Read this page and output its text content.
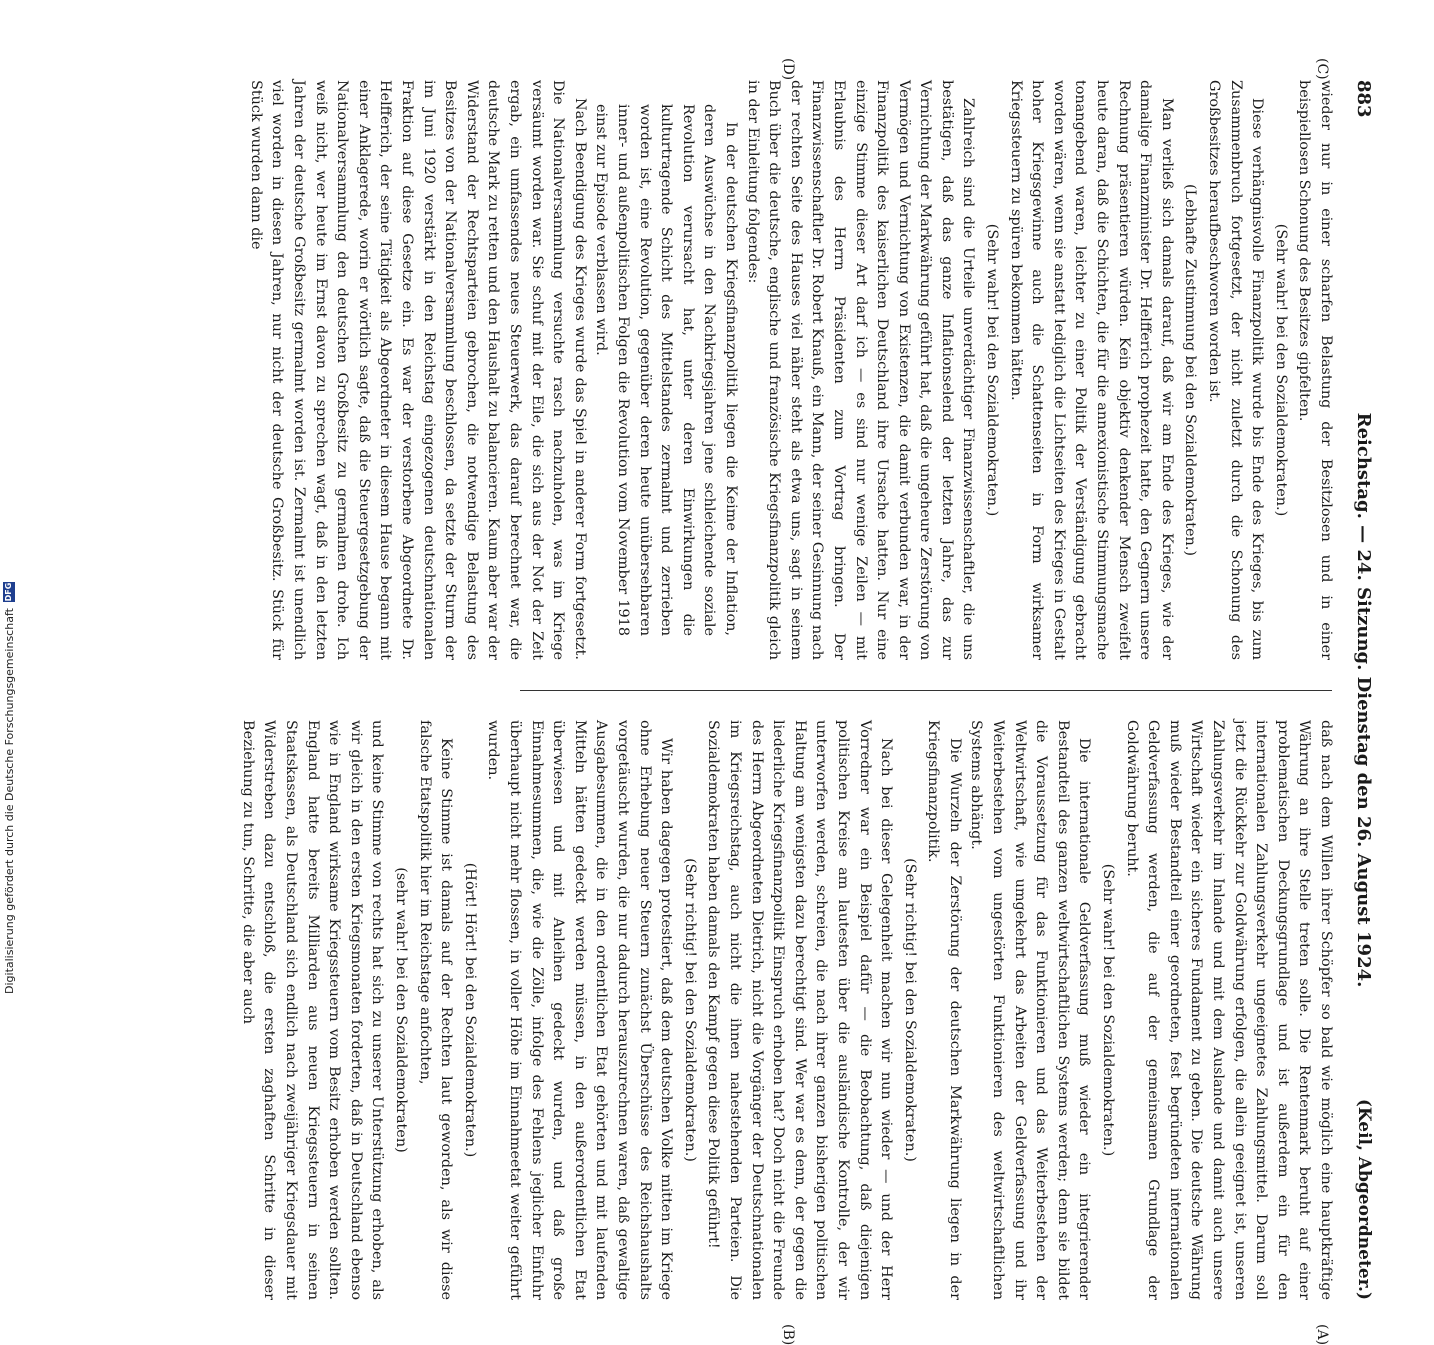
883
Reichstag. — 24. Sitzung. Dienstag den 26. August 1924.
(Keil, Abgeordneter.)

wieder nur in einer scharfen Belastung der Besitzlosen und in einer beispiellosen Schonung des Besitzes gipfelten.

(Sehr wahr! bei den Sozialdemokraten.)

Diese verhängnisvolle Finanzpolitik wurde bis Ende des Krieges, bis zum Zusammenbruch fortgesetzt, der nicht zuletzt durch die Schonung des Großbesitzes heraufbeschworen worden ist.

(Lebhafte Zustimmung bei den Sozialdemokraten.)

Man verließ sich damals darauf, daß wir am Ende des Krieges, wie der damalige Finanzminister Dr. Helfferich prophezeit hatte, den Gegnern unsere Rechnung präsentieren würden. Kein objektiv denkender Mensch zweifelt heute daran, daß die Schichten, die für die annexionistische Stimmungsmache tonangebend waren, leichter zu einer Politik der Verständigung gebracht worden wären, wenn sie anstatt lediglich die Lichtseiten des Krieges in Gestalt hoher Kriegsgewinne auch die Schattenseiten in Form wirksamer Kriegssteuern zu spüren bekommen hätten.

(Sehr wahr! bei den Sozialdemokraten.)

Zahlreich sind die Urteile unverdächtiger Finanzwissenschaftler, die uns bestätigen, daß das ganze Inflationselend der letzten Jahre, das zur Vernichtung der Markwährung geführt hat, daß die ungeheure Zerstörung von Vermögen und Vernichtung von Existenzen, die damit verbunden war, in der Finanzpolitik des kaiserlichen Deutschland ihre Ursache hatten. Nur eine einzige Stimme dieser Art darf ich — es sind nur wenige Zeilen — mit Erlaubnis des Herrn Präsidenten zum Vortrag bringen. Der Finanzwissenschaftler Dr. Robert Knauß, ein Mann, der seiner Gesinnung nach der rechten Seite des Hauses viel näher steht als etwa uns, sagt in seinem Buch über die deutsche, englische und französische Kriegsfinanzpolitik gleich in der Einleitung folgendes:

In der deutschen Kriegsfinanzpolitik liegen die Keime der Inflation, deren Auswüchse in den Nachkriegsjahren jene schleichende soziale Revolution verursacht hat, unter deren Einwirkungen die kulturtragende Schicht des Mittelstandes zermalmt und zerrieben worden ist, eine Revolution, gegenüber deren heute unübersehbaren inner- und außenpolitischen Folgen die Revolution vom November 1918 einst zur Episode verblassen wird.

Nach Beendigung des Krieges wurde das Spiel in anderer Form fortgesetzt. Die Nationalversammlung versuchte rasch nachzuholen, was im Kriege versäumt worden war. Sie schuf mit der Eile, die sich aus der Not der Zeit ergab, ein umfassendes neues Steuerwerk, das darauf berechnet war, die deutsche Mark zu retten und den Haushalt zu balancieren. Kaum aber war der Widerstand der Rechtsparteien gebrochen, die notwendige Belastung des Besitzes von der Nationalversammlung beschlossen, da setzte der Sturm der im Juni 1920 verstärkt in den Reichstag eingezogenen deutschnationalen Fraktion auf diese Gesetze ein. Es war der verstorbene Abgeordnete Dr. Helfferich, der seine Tätigkeit als Abgeordneter in diesem Hause begann mit einer Anklagerede, worin er wörtlich sagte, daß die Steuergesetzgebung der Nationalversammlung den deutschen Großbesitz zu germalmen drohe. Ich weiß nicht, wer heute im Ernst davon zu sprechen wagt, daß in den letzten Jahren der deutsche Großbesitz germalmt worden ist. Zermalmt ist unendlich viel worden in diesen Jahren, nur nicht der deutsche Großbesitz. Stück für Stück wurden dann die

daß nach dem Willen ihrer Schöpfer so bald wie möglich eine hauptkräftige Währung an ihre Stelle treten solle. Die Rentenmark beruht auf einer problematischen Deckungsgrundlage und ist außerdem ein für den internationalen Zahlungsverkehr ungeeignetes Zahlungsmittel. Darum soll jetzt die Rückkehr zur Goldwährung erfolgen, die allein geeignet ist, unseren Zahlungsverkehr im Inlande und mit dem Auslande und damit auch unsere Wirtschaft wieder ein sicheres Fundament zu geben. Die deutsche Währung muß wieder Bestandteil einer geordneten, fest begründeten internationalen Geldverfassung werden, die auf der gemeinsamen Grundlage der Goldwährung beruht.

(Sehr wahr! bei den Sozialdemokraten.)

Die internationale Geldverfassung muß wieder ein integrierender Bestandteil des ganzen weltwirtschaftlichen Systems werden; denn sie bildet die Voraussetzung für das Funktionieren und das Weiterbestehen der Weltwirtschaft, wie umgekehrt das Arbeiten der Geldverfassung und ihr Weiterbestehen vom ungestörten Funktionieren des weltwirtschaftlichen Systems abhängt.

Die Wurzeln der Zerstörung der deutschen Markwährung liegen in der Kriegsfinanzpolitik.

(Sehr richtig! bei den Sozialdemokraten.)

Nach bei dieser Gelegenheit machen wir nun wieder — und der Herr Vorredner war ein Beispiel dafür — die Beobachtung, daß diejenigen politischen Kreise am lautesten über die ausländische Kontrolle, der wir unterworfen werden, schreien, die nach ihrer ganzen bisherigen politischen Haltung am wenigsten dazu berechtigt sind. Wer war es denn, der gegen die liederliche Kriegsfinanzpolitik Einspruch erhoben hat? Doch nicht die Freunde des Herrn Abgeordneten Dietrich, nicht die Vorgänger der Deutschnationalen im Kriegsreichstag, auch nicht die ihnen nahestehenden Parteien. Die Sozialdemokraten haben damals den Kampf gegen diese Politik geführt!

(Sehr richtig! bei den Sozialdemokraten.)

Wir haben dagegen protestiert, daß dem deutschen Volke mitten im Kriege ohne Erhebung neuer Steuern zunächst Überschüsse des Reichshaushalts vorgetäuscht wurden, die nur dadurch herauszurechnen waren, daß gewaltige Ausgabesummen, die in den ordentlichen Etat gehörten und mit laufenden Mitteln hätten gedeckt werden müssen, in den außerordentlichen Etat überwiesen und mit Anleihen gedeckt wurden, und daß große Einnahmesummen, die, wie die Zölle, infolge des Fehlens jeglicher Einfuhr überhaupt nicht mehr flossen, in voller Höhe im Einnahmeetat weiter geführt wurden.

(Hört! Hört! bei den Sozialdemokraten.)

Keine Stimme ist damals auf der Rechten laut geworden, als wir diese falsche Etatspolitik hier im Reichstage anfochten,

(sehr wahr! bei den Sozialdemokraten)

und keine Stimme von rechts hat sich zu unserer Unterstützung erhoben, als wir gleich in den ersten Kriegsmonaten forderten, daß in Deutschland ebenso wie in England wirksame Kriegssteuern vom Besitz erhoben werden sollten. England hatte bereits Milliarden aus neuen Kriegssteuern in seinen Staatskassen, als Deutschland sich endlich nach zweijähriger Kriegsdauer mit Widerstreben dazu entschloß, die ersten zaghaften Schritte in dieser Beziehung zu tun, Schritte, die aber auch

(C)
(D)
(A)
(B)
Digitalisierung gefördert durch die Deutsche Forschungsgemeinschaft
DFG
